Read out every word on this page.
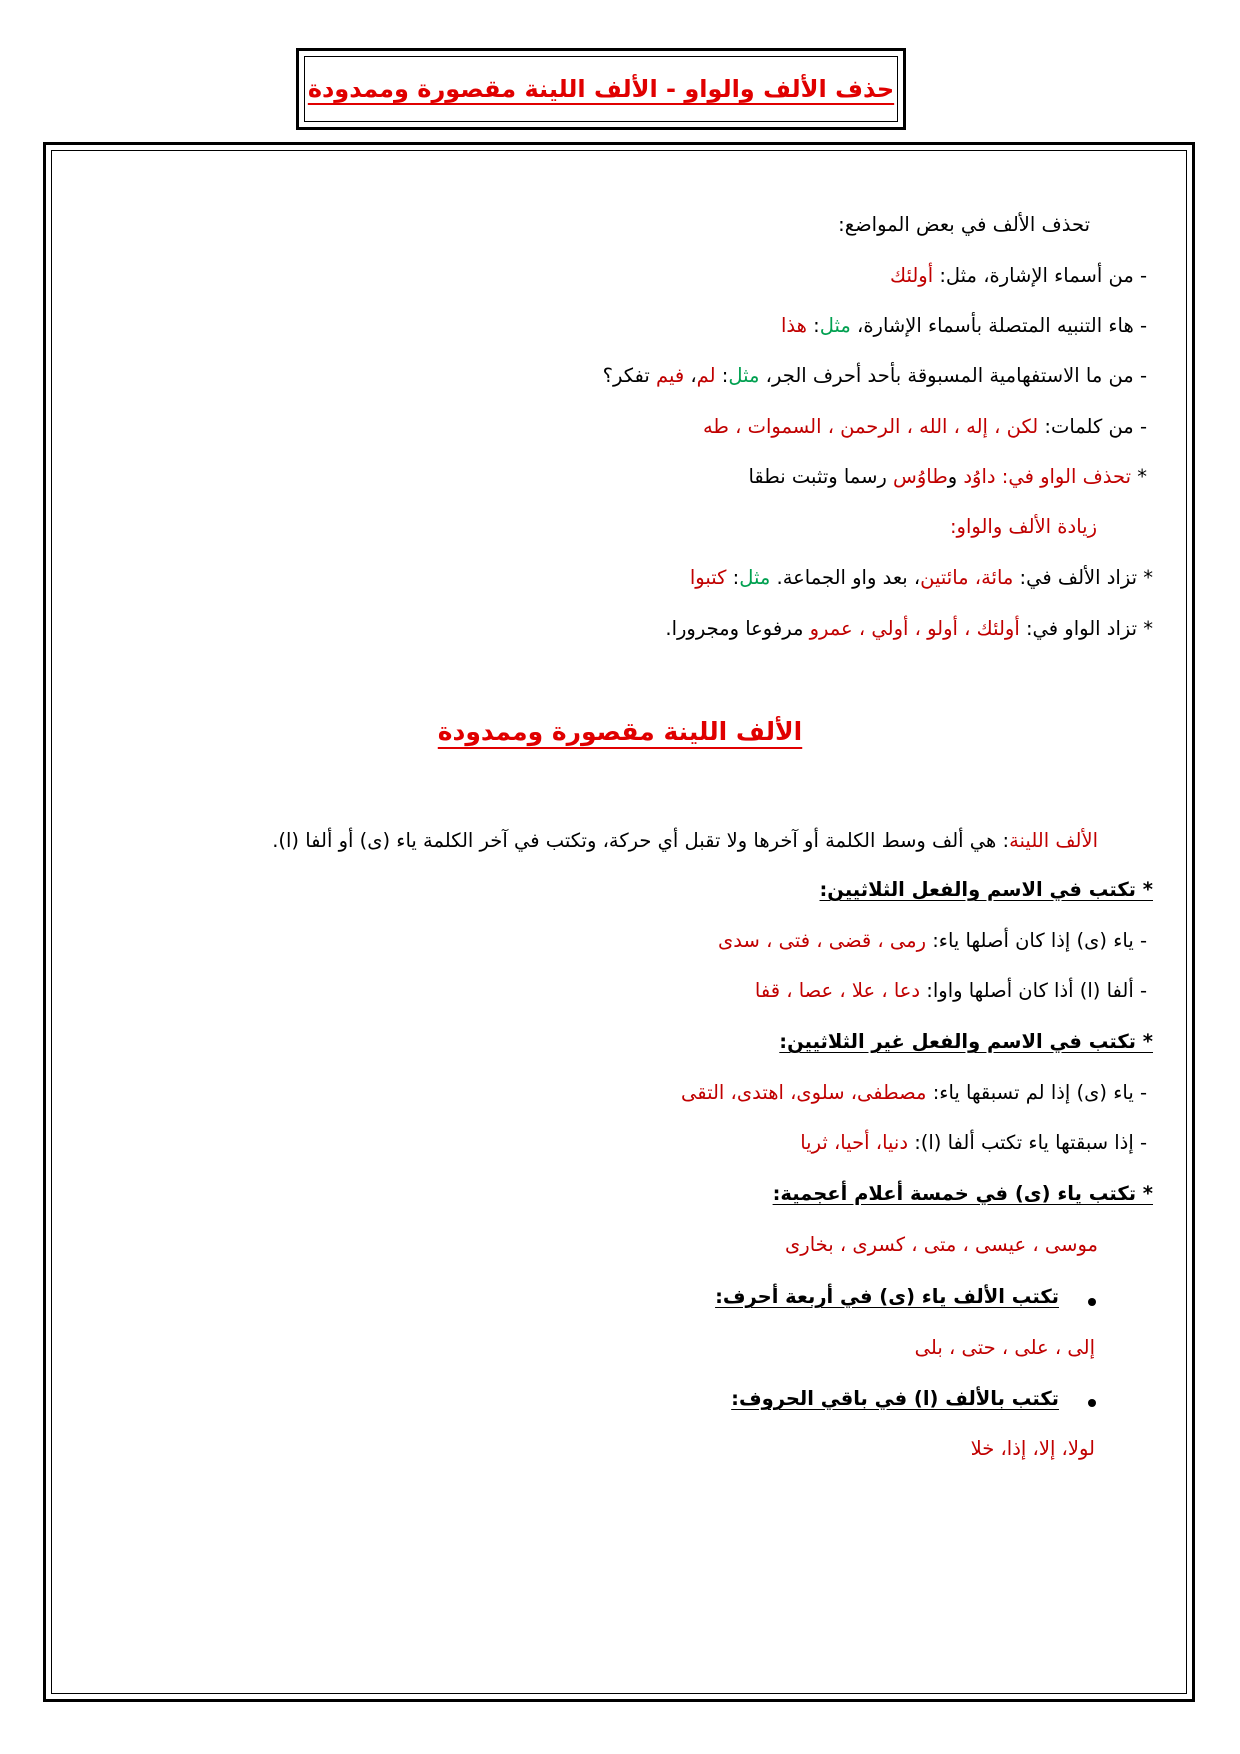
حذف الألف والواو - الألف اللينة مقصورة وممدودة
تحذف الألف في بعض المواضع:
- من أسماء الإشارة، مثل: أولئك
- هاء التنبيه المتصلة بأسماء الإشارة، مثل: هذا
- من ما الاستفهامية المسبوقة بأحد أحرف الجر، مثل: لم، فيم تفكر؟
- من كلمات: لكن ، إله ، الله ، الرحمن ، السموات ، طه
* تحذف الواو في: داوُد وطاوُس رسما وتثبت نطقا
زيادة الألف والواو:
* تزاد الألف في: مائة، مائتين، بعد واو الجماعة. مثل: كتبوا
* تزاد الواو في: أولئك ، أولو ، أولي ، عمرو مرفوعا ومجرورا.
الألف اللينة مقصورة وممدودة
الألف اللينة: هي ألف وسط الكلمة أو آخرها ولا تقبل أي حركة، وتكتب في آخر الكلمة ياء (ى) أو ألفا (ا).
* تكتب في الاسم والفعل الثلاثيين:
- ياء (ى) إذا كان أصلها ياء: رمى ، قضى ، فتى ، سدى
- ألفا (ا) أذا كان أصلها واوا: دعا ، علا ، عصا ، قفا
* تكتب في الاسم والفعل غير الثلاثيين:
- ياء (ى) إذا لم تسبقها ياء: مصطفى، سلوى، اهتدى، التقى
- إذا سبقتها ياء تكتب ألفا (ا): دنيا، أحيا، ثريا
* تكتب ياء (ى) في خمسة أعلام أعجمية:
موسى ، عيسى ، متى ، كسرى ، بخارى
تكتب الألف ياء (ى) في أربعة أحرف:
إلى ، على ، حتى ، بلى
تكتب بالألف (ا) في باقي الحروف:
لولا، إلا، إذا، خلا
